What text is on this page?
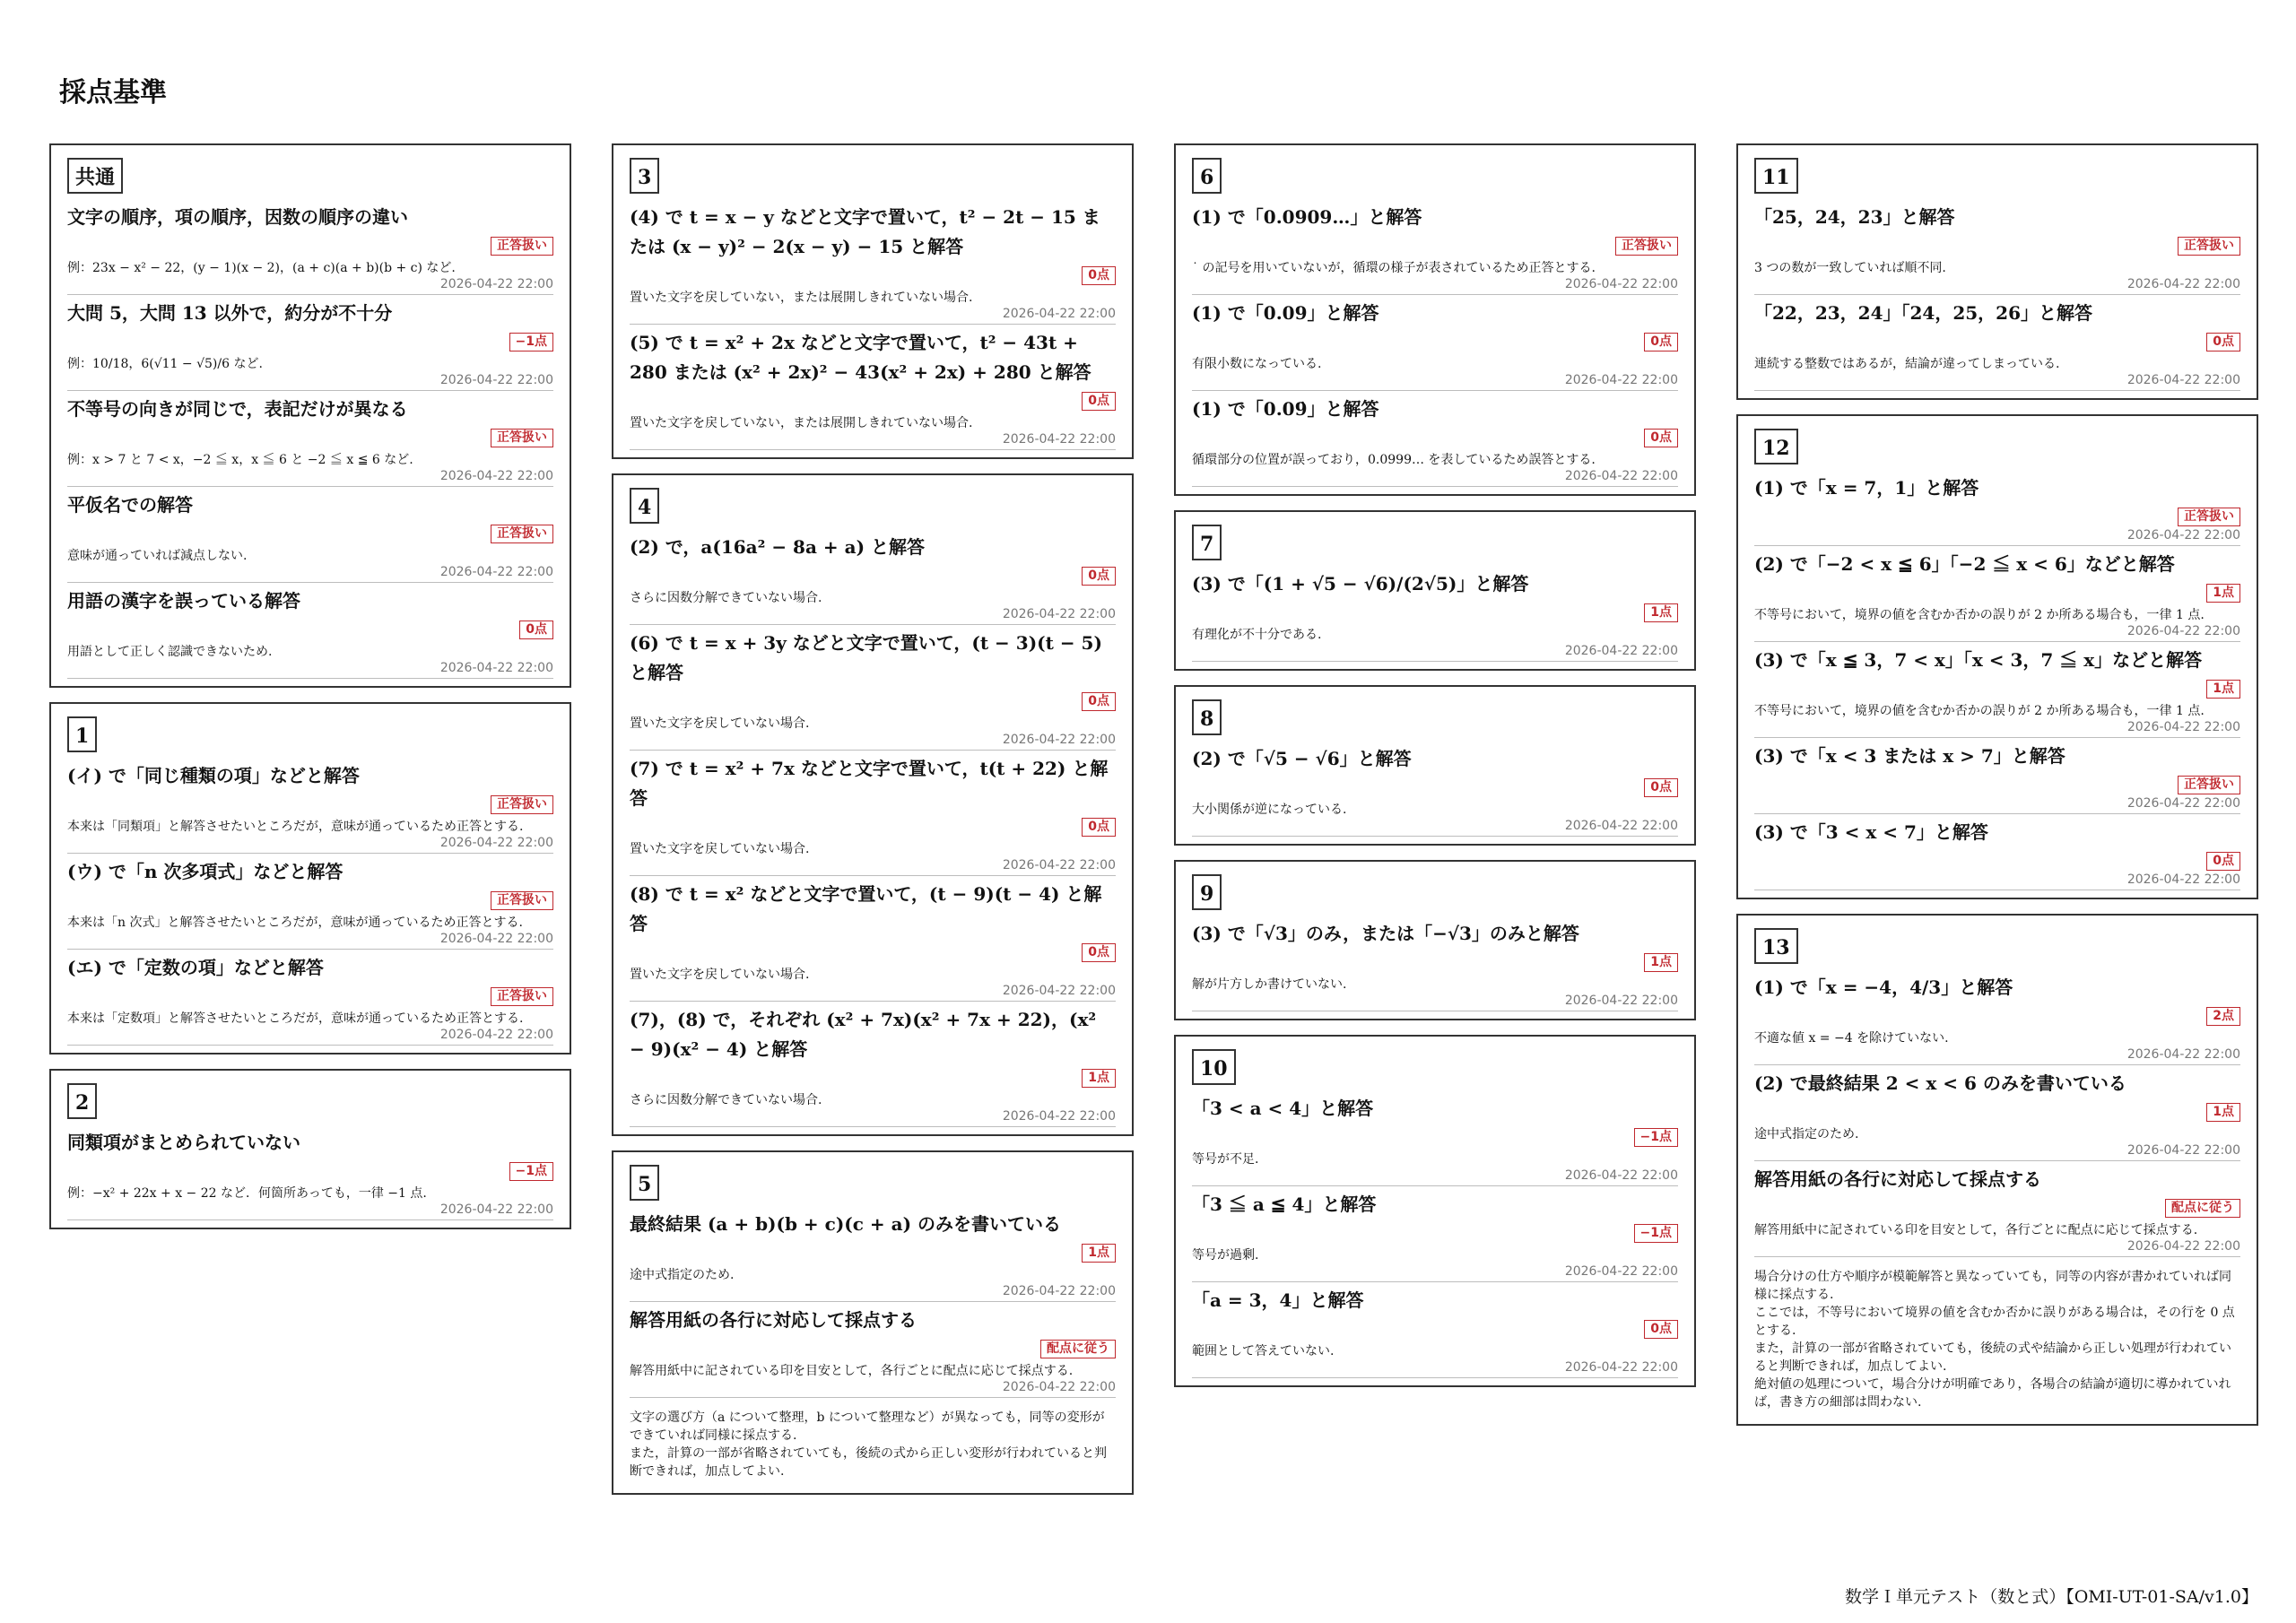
採点基準
共通
文字の順序，項の順序，因数の順序の違い
正答扱い
例：23x − x² − 22，(y − 1)(x − 2)，(a + c)(a + b)(b + c) など.
2026-04-22 22:00
大問 5，大問 13 以外で，約分が不十分
−1点
例：10/18，6(√11 − √5)/6 など.
2026-04-22 22:00
不等号の向きが同じで，表記だけが異なる
正答扱い
例：x > 7 と 7 < x，−2 ≦ x，x ≦ 6 と −2 ≦ x ≦ 6 など.
2026-04-22 22:00
平仮名での解答
正答扱い
意味が通っていれば減点しない.
2026-04-22 22:00
用語の漢字を誤っている解答
0点
用語として正しく認識できないため.
2026-04-22 22:00
1
(イ) で「同じ種類の項」などと解答
正答扱い
本来は「同類項」と解答させたいところだが，意味が通っているため正答とする.
2026-04-22 22:00
(ウ) で「n 次多項式」などと解答
正答扱い
本来は「n 次式」と解答させたいところだが，意味が通っているため正答とする.
2026-04-22 22:00
(エ) で「定数の項」などと解答
正答扱い
本来は「定数項」と解答させたいところだが，意味が通っているため正答とする.
2026-04-22 22:00
2
同類項がまとめられていない
−1点
例：−x² + 22x + x − 22 など．何箇所あっても，一律 −1 点.
2026-04-22 22:00
3
(4) で t = x − y などと文字で置いて，t² − 2t − 15 または (x − y)² − 2(x − y) − 15 と解答
0点
置いた文字を戻していない，または展開しきれていない場合.
2026-04-22 22:00
(5) で t = x² + 2x などと文字で置いて，t² − 43t + 280 または (x² + 2x)² − 43(x² + 2x) + 280 と解答
0点
置いた文字を戻していない，または展開しきれていない場合.
2026-04-22 22:00
4
(2) で，a(16a² − 8a + a) と解答
0点
さらに因数分解できていない場合.
2026-04-22 22:00
(6) で t = x + 3y などと文字で置いて，(t − 3)(t − 5) と解答
0点
置いた文字を戻していない場合.
2026-04-22 22:00
(7) で t = x² + 7x などと文字で置いて，t(t + 22) と解答
0点
置いた文字を戻していない場合.
2026-04-22 22:00
(8) で t = x² などと文字で置いて，(t − 9)(t − 4) と解答
0点
置いた文字を戻していない場合.
2026-04-22 22:00
(7)，(8) で，それぞれ (x² + 7x)(x² + 7x + 22)，(x² − 9)(x² − 4) と解答
1点
さらに因数分解できていない場合.
2026-04-22 22:00
5
最終結果 (a + b)(b + c)(c + a) のみを書いている
1点
途中式指定のため.
2026-04-22 22:00
解答用紙の各行に対応して採点する
配点に従う
解答用紙中に記されている印を目安として，各行ごとに配点に応じて採点する.
2026-04-22 22:00
文字の選び方（a について整理，b について整理など）が異なっても，同等の変形ができていれば同様に採点する.
また，計算の一部が省略されていても，後続の式から正しい変形が行われていると判断できれば，加点してよい.
6
(1) で「0.0909…」と解答
正答扱い
˙ の記号を用いていないが，循環の様子が表されているため正答とする.
2026-04-22 22:00
(1) で「0.09」と解答
0点
有限小数になっている.
2026-04-22 22:00
(1) で「0.09̇」と解答
0点
循環部分の位置が誤っており，0.0999… を表しているため誤答とする.
2026-04-22 22:00
7
(3) で「(1 + √5 − √6)/(2√5)」と解答
1点
有理化が不十分である.
2026-04-22 22:00
8
(2) で「√5 − √6」と解答
0点
大小関係が逆になっている.
2026-04-22 22:00
9
(3) で「√3」のみ，または「−√3」のみと解答
1点
解が片方しか書けていない.
2026-04-22 22:00
10
「3 < a < 4」と解答
−1点
等号が不足.
2026-04-22 22:00
「3 ≦ a ≦ 4」と解答
−1点
等号が過剰.
2026-04-22 22:00
「a = 3，4」と解答
0点
範囲として答えていない.
2026-04-22 22:00
11
「25，24，23」と解答
正答扱い
3 つの数が一致していれば順不同.
2026-04-22 22:00
「22，23，24」「24，25，26」と解答
0点
連続する整数ではあるが，結論が違ってしまっている.
2026-04-22 22:00
12
(1) で「x = 7，1」と解答
正答扱い
2026-04-22 22:00
(2) で「−2 < x ≦ 6」「−2 ≦ x < 6」などと解答
1点
不等号において，境界の値を含むか否かの誤りが 2 か所ある場合も，一律 1 点.
2026-04-22 22:00
(3) で「x ≦ 3，7 < x」「x < 3，7 ≦ x」などと解答
1点
不等号において，境界の値を含むか否かの誤りが 2 か所ある場合も，一律 1 点.
2026-04-22 22:00
(3) で「x < 3 または x > 7」と解答
正答扱い
2026-04-22 22:00
(3) で「3 < x < 7」と解答
0点
2026-04-22 22:00
13
(1) で「x = −4，4/3」と解答
2点
不適な値 x = −4 を除けていない.
2026-04-22 22:00
(2) で最終結果 2 < x < 6 のみを書いている
1点
途中式指定のため.
2026-04-22 22:00
解答用紙の各行に対応して採点する
配点に従う
解答用紙中に記されている印を目安として，各行ごとに配点に応じて採点する.
2026-04-22 22:00
場合分けの仕方や順序が模範解答と異なっていても，同等の内容が書かれていれば同様に採点する.
ここでは，不等号において境界の値を含むか否かに誤りがある場合は，その行を 0 点とする.
また，計算の一部が省略されていても，後続の式や結論から正しい処理が行われていると判断できれば，加点してよい.
絶対値の処理について，場合分けが明確であり，各場合の結論が適切に導かれていれば，書き方の細部は問わない.
数学Ｉ単元テスト（数と式）【OMI-UT-01-SA/v1.0】
